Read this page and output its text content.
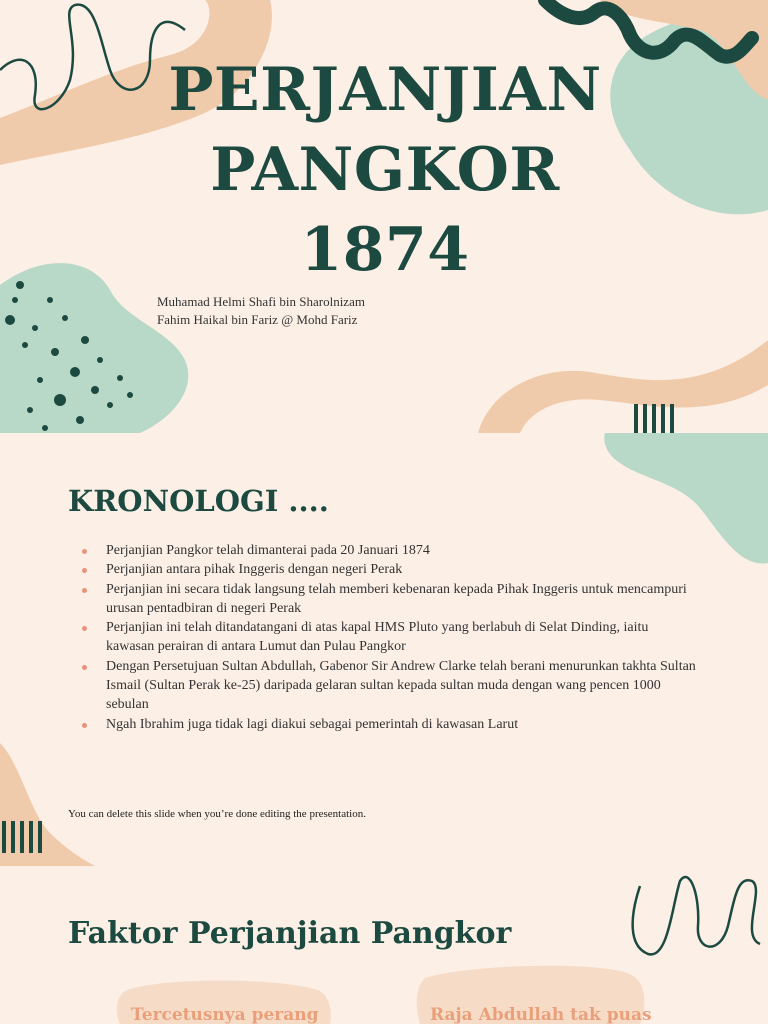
PERJANJIAN
PANGKOR
1874
Muhamad Helmi Shafi bin Sharolnizam
Fahim Haikal bin Fariz @ Mohd Fariz
KRONOLOGI ....
Perjanjian Pangkor telah dimanterai pada 20 Januari 1874
Perjanjian antara pihak Inggeris dengan negeri Perak
Perjanjian ini secara tidak langsung telah memberi kebenaran kepada Pihak Inggeris untuk mencampuri urusan pentadbiran di negeri Perak
Perjanjian ini telah ditandatangani di atas kapal HMS Pluto yang berlabuh di Selat Dinding, iaitu kawasan perairan di antara Lumut dan Pulau Pangkor
Dengan Persetujuan Sultan Abdullah, Gabenor Sir Andrew Clarke telah berani menurunkan takhta Sultan Ismail (Sultan Perak ke-25) daripada gelaran sultan kepada sultan muda dengan wang pencen 1000 sebulan
Ngah Ibrahim juga tidak lagi diakui sebagai pemerintah di kawasan Larut
You can delete this slide when you’re done editing the presentation.
Faktor Perjanjian Pangkor
Tercetusnya perang	Raja Abdullah tak puas
